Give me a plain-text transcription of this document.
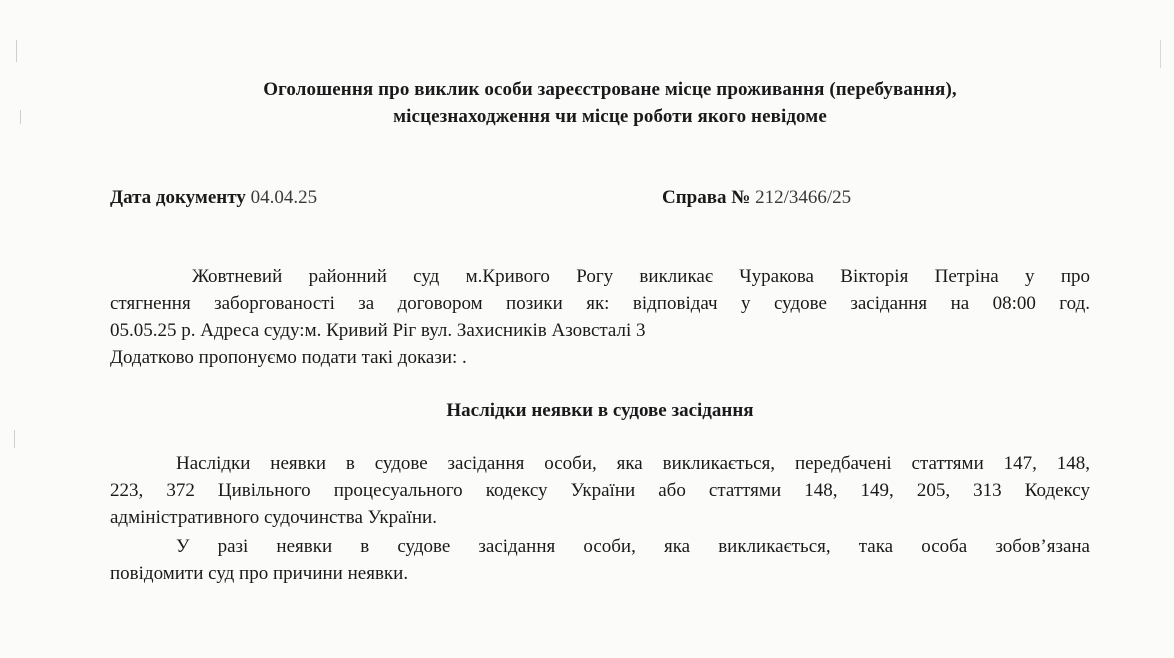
Оголошення про виклик особи зареєстроване місце проживання (перебування),
місцезнаходження чи місце роботи якого невідоме
Дата документу 04.04.25	Справа № 212/3466/25
Жовтневий районний суд м.Кривого Рогу викликає Чуракова Вікторія Петріна у про
стягнення заборгованості за договором позики як: відповідач у судове засідання на 08:00 год.
05.05.25 р. Адреса суду:м. Кривий Ріг вул. Захисників Азовсталі 3
Додатково пропонуємо подати такі докази: .
Наслідки неявки в судове засідання
Наслідки неявки в судове засідання особи, яка викликається, передбачені статтями 147, 148,
223, 372 Цивільного процесуального кодексу України або статтями 148, 149, 205, 313 Кодексу
адміністративного судочинства України.
У разі неявки в судове засідання особи, яка викликається, така особа зобов’язана
повідомити суд про причини неявки.
